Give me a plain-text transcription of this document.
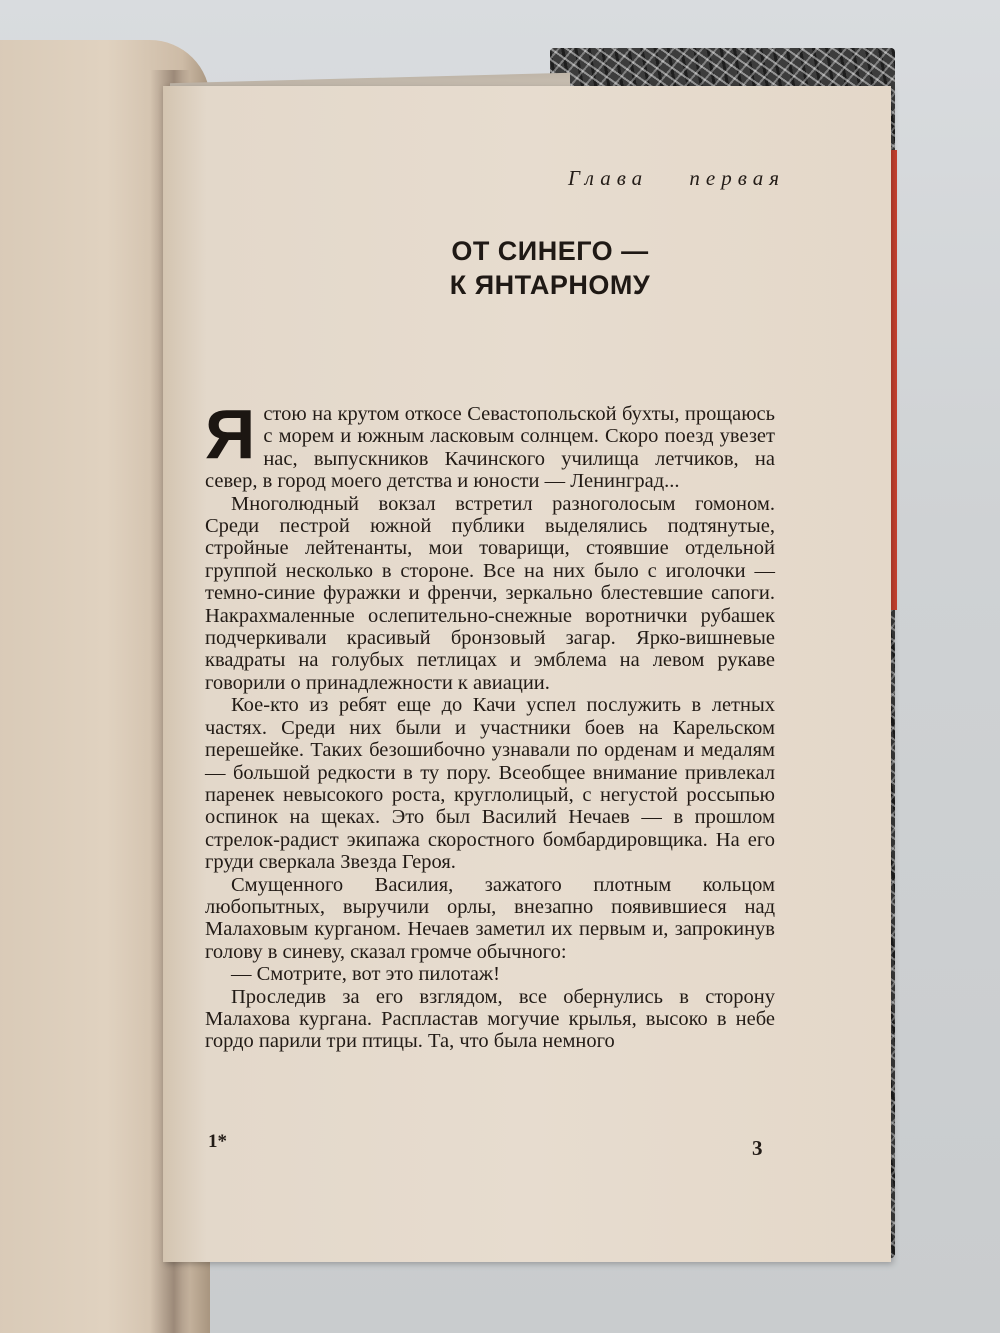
Глава первая
ОТ СИНЕГО —
К ЯНТАРНОМУ

Ястою на крутом откосе Севастопольской бухты, прощаюсь с морем и южным ласковым солнцем. Скоро поезд увезет нас, выпускников Качинского училища летчиков, на север, в город моего детства и юности — Ленинград...

Многолюдный вокзал встретил разноголосым гомоном. Среди пестрой южной публики выделялись подтянутые, стройные лейтенанты, мои товарищи, стоявшие отдельной группой несколько в стороне. Все на них было с иголочки — темно-синие фуражки и френчи, зеркально блестевшие сапоги. Накрахмаленные ослепительно-снежные воротнички рубашек подчеркивали красивый бронзовый загар. Ярко-вишневые квадраты на голубых петлицах и эмблема на левом рукаве говорили о принадлежности к авиации.

Кое-кто из ребят еще до Качи успел послужить в летных частях. Среди них были и участники боев на Карельском перешейке. Таких безошибочно узнавали по орденам и медалям — большой редкости в ту пору. Всеобщее внимание привлекал паренек невысокого роста, круглолицый, с негустой россыпью оспинок на щеках. Это был Василий Нечаев — в прошлом стрелок-радист экипажа скоростного бомбардировщика. На его груди сверкала Звезда Героя.

Смущенного Василия, зажатого плотным кольцом любопытных, выручили орлы, внезапно появившиеся над Малаховым курганом. Нечаев заметил их первым и, запрокинув голову в синеву, сказал громче обычного:

— Смотрите, вот это пилотаж!

Проследив за его взглядом, все обернулись в сторону Малахова кургана. Распластав могучие крылья, высоко в небе гордо парили три птицы. Та, что была немного

1*	3
